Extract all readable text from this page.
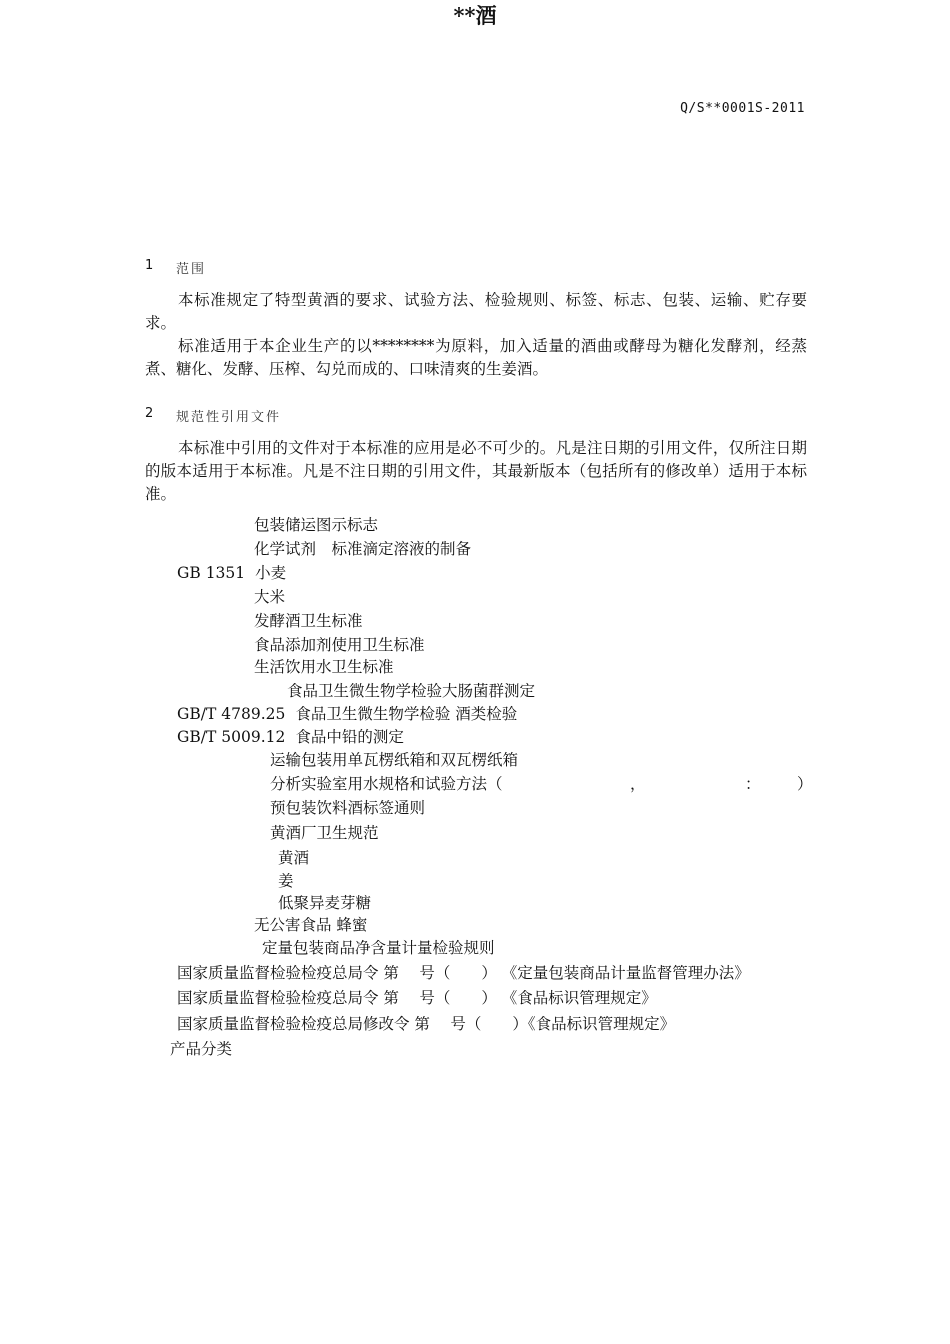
Q/S**0001S-2011
**酒
1 范围

本标准规定了特型黄酒的要求、试验方法、检验规则、标签、标志、包装、运输、贮存要求。

标准适用于本企业生产的以********为原料，加入适量的酒曲或酵母为糖化发酵剂，经蒸煮、糖化、发酵、压榨、勾兑而成的、口味清爽的生姜酒。

2 规范性引用文件

本标准中引用的文件对于本标准的应用是必不可少的。凡是注日期的引用文件，仅所注日期的版本适用于本标准。凡是不注日期的引用文件，其最新版本（包括所有的修改单）适用于本标准。

包装储运图示标志
化学试剂　标准滴定溶液的制备
GB 1351 小麦
大米
发酵酒卫生标准
食品添加剂使用卫生标准
生活饮用水卫生标准
食品卫生微生物学检验大肠菌群测定
GB/T 4789.25 食品卫生微生物学检验 酒类检验
GB/T 5009.12 食品中铅的测定
运输包装用单瓦楞纸箱和双瓦楞纸箱
分析实验室用水规格和试验方法（	，	：	）
预包装饮料酒标签通则
黄酒厂卫生规范
黄酒
姜
低聚异麦芽糖
无公害食品 蜂蜜
定量包装商品净含量计量检验规则
国家质量监督检验检疫总局令 第　 号（　　） 《定量包装商品计量监督管理办法》
国家质量监督检验检疫总局令 第　 号（　　） 《食品标识管理规定》
国家质量监督检验检疫总局修改令 第　 号（　　）《食品标识管理规定》
产品分类
